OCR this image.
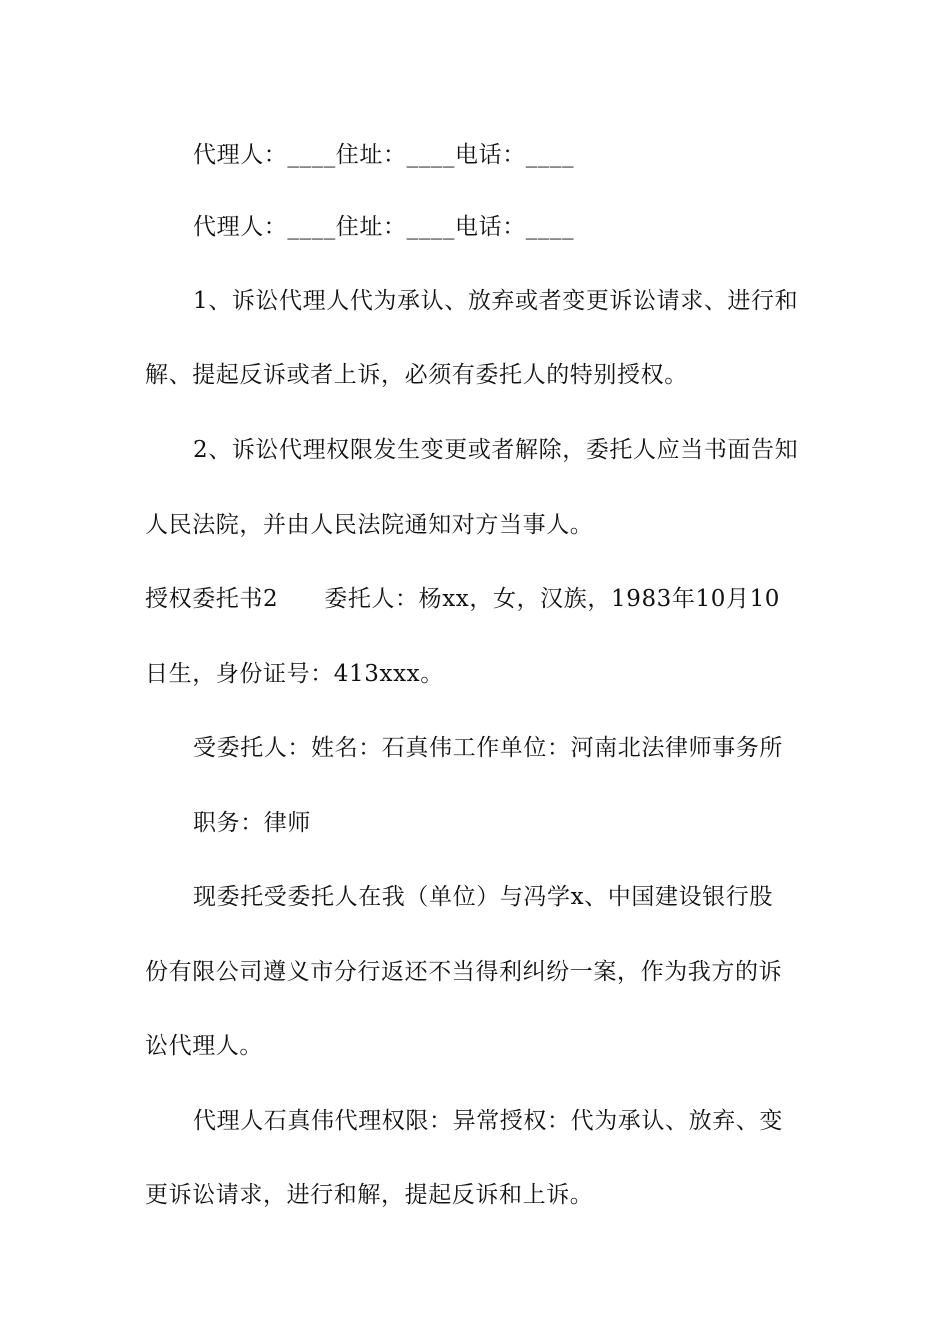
代理人：____住址：____电话：____
代理人：____住址：____电话：____
1、诉讼代理人代为承认、放弃或者变更诉讼请求、进行和
解、提起反诉或者上诉，必须有委托人的特别授权。
2、诉讼代理权限发生变更或者解除，委托人应当书面告知
人民法院，并由人民法院通知对方当事人。
授权委托书2 委托人：杨xx，女，汉族，1983年10月10
日生，身份证号：413xxx。
受委托人：姓名：石真伟工作单位：河南北法律师事务所
职务：律师
现委托受委托人在我（单位）与冯学x、中国建设银行股
份有限公司遵义市分行返还不当得利纠纷一案，作为我方的诉
讼代理人。
代理人石真伟代理权限：异常授权：代为承认、放弃、变
更诉讼请求，进行和解，提起反诉和上诉。
